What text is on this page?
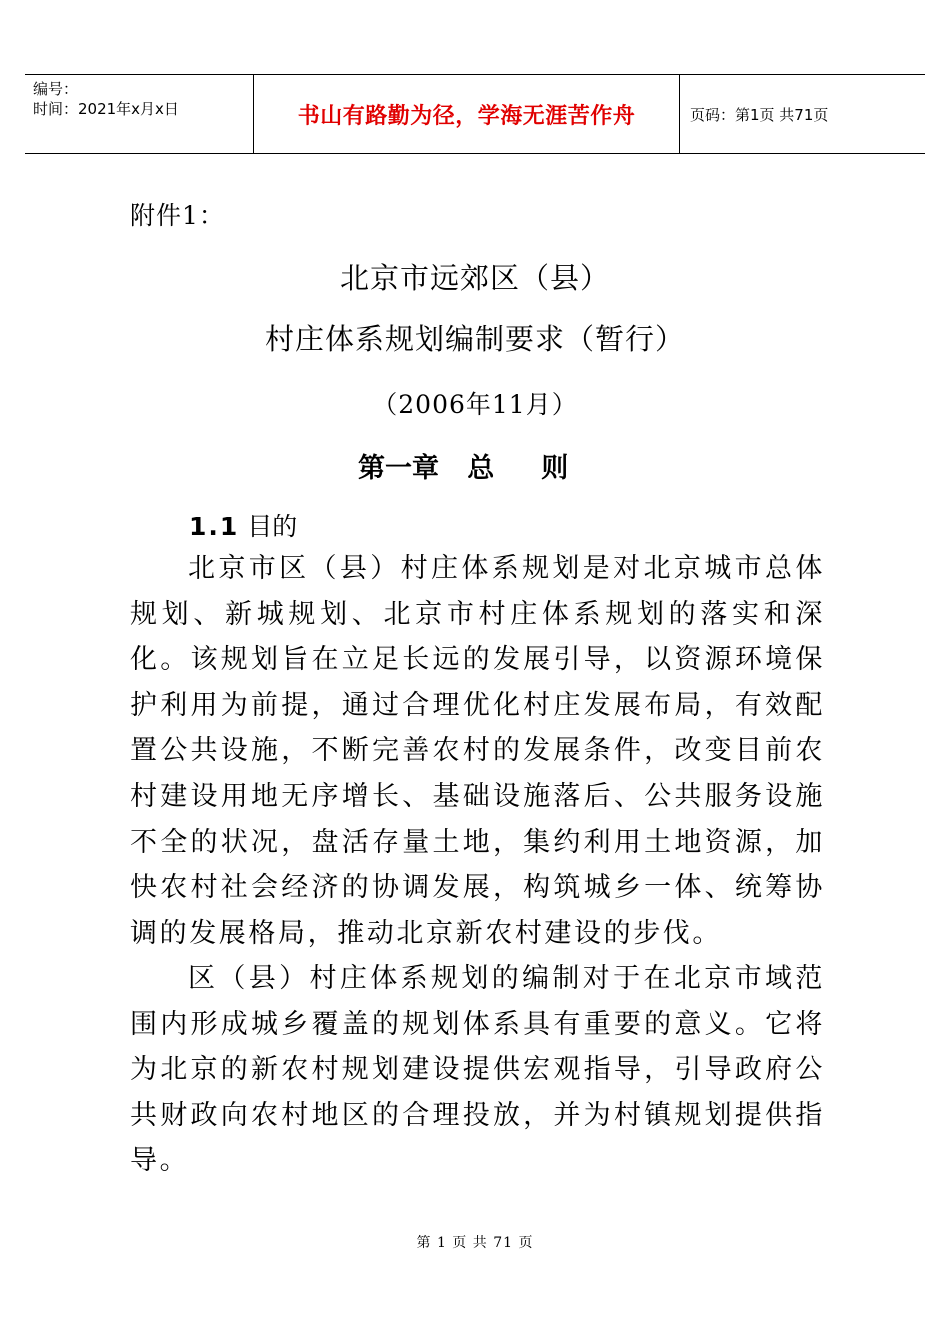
编号：
时间：2021年x月x日	书山有路勤为径，学海无涯苦作舟	页码：第1页 共71页
附件1：
北京市远郊区（县）
村庄体系规划编制要求（暂行）
（2006年11月）
第一章   总     则
1.1 目的

北京市区（县）村庄体系规划是对北京城市总体规划、新城规划、北京市村庄体系规划的落实和深化。该规划旨在立足长远的发展引导，以资源环境保护利用为前提，通过合理优化村庄发展布局，有效配置公共设施，不断完善农村的发展条件，改变目前农村建设用地无序增长、基础设施落后、公共服务设施不全的状况，盘活存量土地，集约利用土地资源，加快农村社会经济的协调发展，构筑城乡一体、统筹协调的发展格局，推动北京新农村建设的步伐。

区（县）村庄体系规划的编制对于在北京市域范围内形成城乡覆盖的规划体系具有重要的意义。它将为北京的新农村规划建设提供宏观指导，引导政府公共财政向农村地区的合理投放，并为村镇规划提供指导。

第 1 页 共 71 页
